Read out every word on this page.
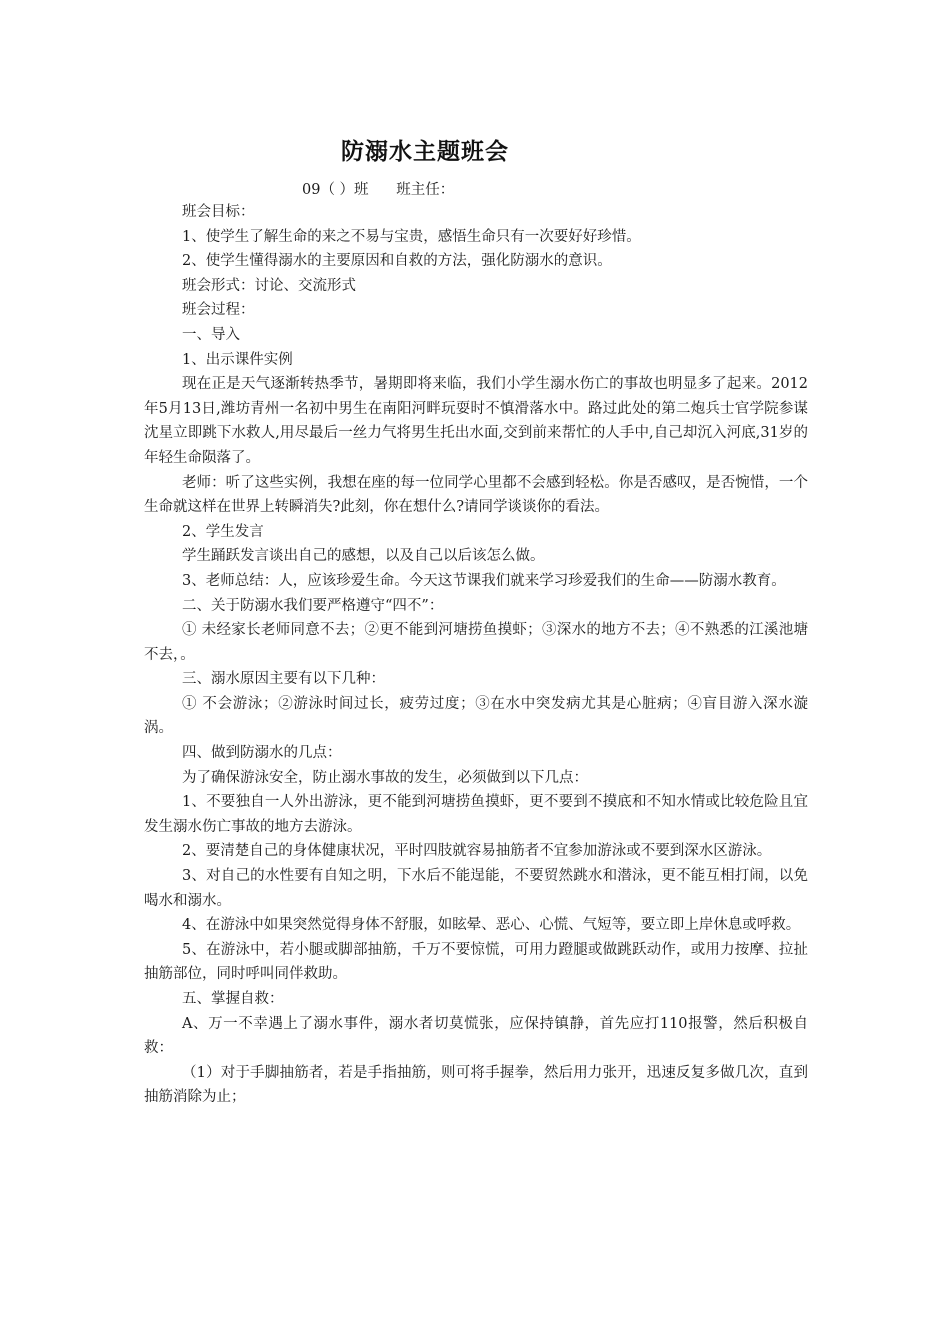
防溺水主题班会
09（ ）班      班主任：

班会目标：

1、使学生了解生命的来之不易与宝贵，感悟生命只有一次要好好珍惜。

2、使学生懂得溺水的主要原因和自救的方法，强化防溺水的意识。

班会形式：讨论、交流形式

班会过程：

一、导入

1、出示课件实例

现在正是天气逐渐转热季节，暑期即将来临，我们小学生溺水伤亡的事故也明显多了起来。2012年5月13日,潍坊青州一名初中男生在南阳河畔玩耍时不慎滑落水中。路过此处的第二炮兵士官学院参谋沈星立即跳下水救人,用尽最后一丝力气将男生托出水面,交到前来帮忙的人手中,自己却沉入河底,31岁的年轻生命陨落了。

老师：听了这些实例，我想在座的每一位同学心里都不会感到轻松。你是否感叹，是否惋惜，一个生命就这样在世界上转瞬消失?此刻，你在想什么?请同学谈谈你的看法。

2、学生发言

学生踊跃发言谈出自己的感想，以及自己以后该怎么做。

3、老师总结：人，应该珍爱生命。今天这节课我们就来学习珍爱我们的生命——防溺水教育。

二、关于防溺水我们要严格遵守“四不”：

① 未经家长老师同意不去；②更不能到河塘捞鱼摸虾；③深水的地方不去；④不熟悉的江溪池塘不去，。

三、溺水原因主要有以下几种：

① 不会游泳；②游泳时间过长，疲劳过度；③在水中突发病尤其是心脏病；④盲目游入深水漩涡。

四、做到防溺水的几点：

为了确保游泳安全，防止溺水事故的发生，必须做到以下几点：

1、不要独自一人外出游泳，更不能到河塘捞鱼摸虾，更不要到不摸底和不知水情或比较危险且宜发生溺水伤亡事故的地方去游泳。

2、要清楚自己的身体健康状况，平时四肢就容易抽筋者不宜参加游泳或不要到深水区游泳。

3、对自己的水性要有自知之明，下水后不能逞能，不要贸然跳水和潜泳，更不能互相打闹，以免喝水和溺水。

4、在游泳中如果突然觉得身体不舒服，如眩晕、恶心、心慌、气短等，要立即上岸休息或呼救。

5、在游泳中，若小腿或脚部抽筋，千万不要惊慌，可用力蹬腿或做跳跃动作，或用力按摩、拉扯抽筋部位，同时呼叫同伴救助。

五、掌握自救：

A、万一不幸遇上了溺水事件，溺水者切莫慌张，应保持镇静，首先应打110报警，然后积极自救：

（1）对于手脚抽筋者，若是手指抽筋，则可将手握拳，然后用力张开，迅速反复多做几次，直到抽筋消除为止；
